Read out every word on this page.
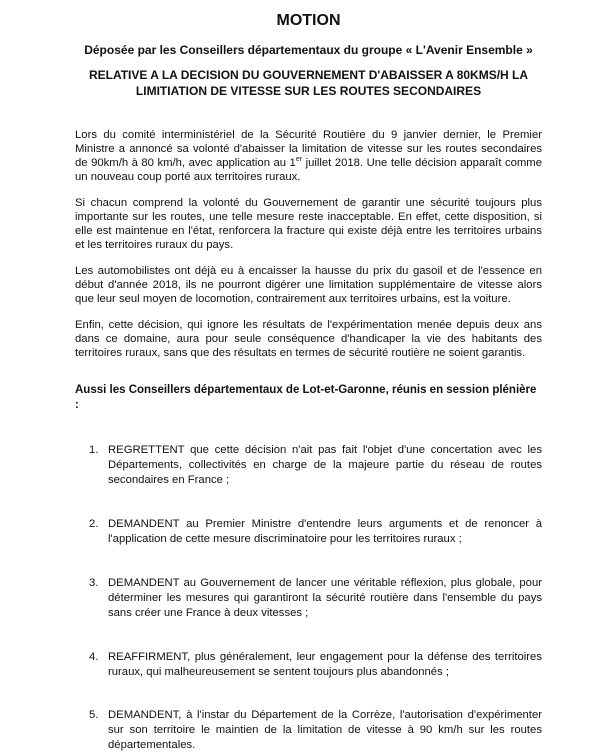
MOTION

Déposée par les Conseillers départementaux du groupe « L'Avenir Ensemble »

RELATIVE A LA DECISION DU GOUVERNEMENT D'ABAISSER A 80KMS/H LA LIMITIATION DE VITESSE SUR LES ROUTES SECONDAIRES

Lors du comité interministériel de la Sécurité Routière du 9 janvier dernier, le Premier Ministre a annoncé sa volonté d'abaisser la limitation de vitesse sur les routes secondaires de 90km/h à 80 km/h, avec application au 1er juillet 2018. Une telle décision apparaît comme un nouveau coup porté aux territoires ruraux.

Si chacun comprend la volonté du Gouvernement de garantir une sécurité toujours plus importante sur les routes, une telle mesure reste inacceptable. En effet, cette disposition, si elle est maintenue en l'état, renforcera la fracture qui existe déjà entre les territoires urbains et les territoires ruraux du pays.

Les automobilistes ont déjà eu à encaisser la hausse du prix du gasoil et de l'essence en début d'année 2018, ils ne pourront digérer une limitation supplémentaire de vitesse alors que leur seul moyen de locomotion, contrairement aux territoires urbains, est la voiture.

Enfin, cette décision, qui ignore les résultats de l'expérimentation menée depuis deux ans dans ce domaine, aura pour seule conséquence d'handicaper la vie des habitants des territoires ruraux, sans que des résultats en termes de sécurité routière ne soient garantis.

Aussi les Conseillers départementaux de Lot-et-Garonne, réunis en session plénière :

1. REGRETTENT que cette décision n'ait pas fait l'objet d'une concertation avec les Départements, collectivités en charge de la majeure partie du réseau de routes secondaires en France ;
2. DEMANDENT au Premier Ministre d'entendre leurs arguments et de renoncer à l'application de cette mesure discriminatoire pour les territoires ruraux ;
3. DEMANDENT au Gouvernement de lancer une véritable réflexion, plus globale, pour déterminer les mesures qui garantiront la sécurité routière dans l'ensemble du pays sans créer une France à deux vitesses ;
4. REAFFIRMENT, plus généralement, leur engagement pour la défense des territoires ruraux, qui malheureusement se sentent toujours plus abandonnés ;
5. DEMANDENT, à l'instar du Département de la Corrèze, l'autorisation d'expérimenter sur son territoire le maintien de la limitation de vitesse à 90 km/h sur les routes départementales.
